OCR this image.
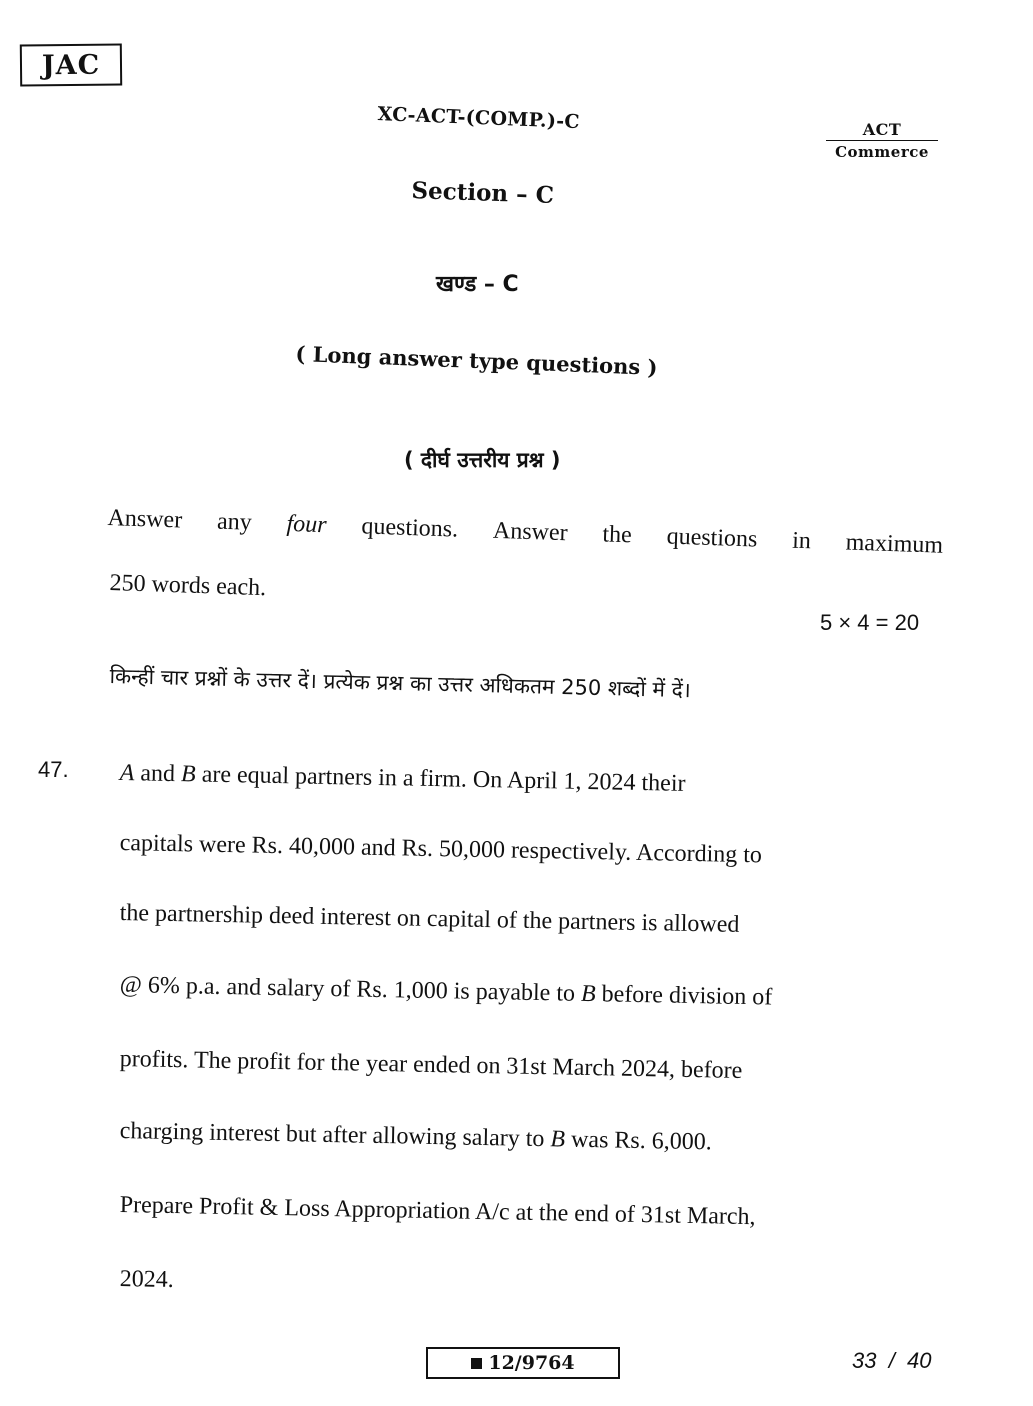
JAC
XC-ACT-(COMP.)-C	ACT
Commerce
Section – C
खण्ड – C
( Long answer type questions )
( दीर्घ उत्तरीय प्रश्न )
Answer any four questions. Answer the questions in maximum
250 words each.
5 × 4 = 20
किन्हीं चार प्रश्नों के उत्तर दें। प्रत्येक प्रश्न का उत्तर अधिकतम 250 शब्दों में दें।
47. A and B are equal partners in a firm. On April 1, 2024 their
capitals were Rs. 40,000 and Rs. 50,000 respectively. According to
the partnership deed interest on capital of the partners is allowed
@ 6% p.a. and salary of Rs. 1,000 is payable to B before division of
profits. The profit for the year ended on 31st March 2024, before
charging interest but after allowing salary to B was Rs. 6,000.
Prepare Profit & Loss Appropriation A/c at the end of 31st March,
2024.
12/9764	33  /  40
